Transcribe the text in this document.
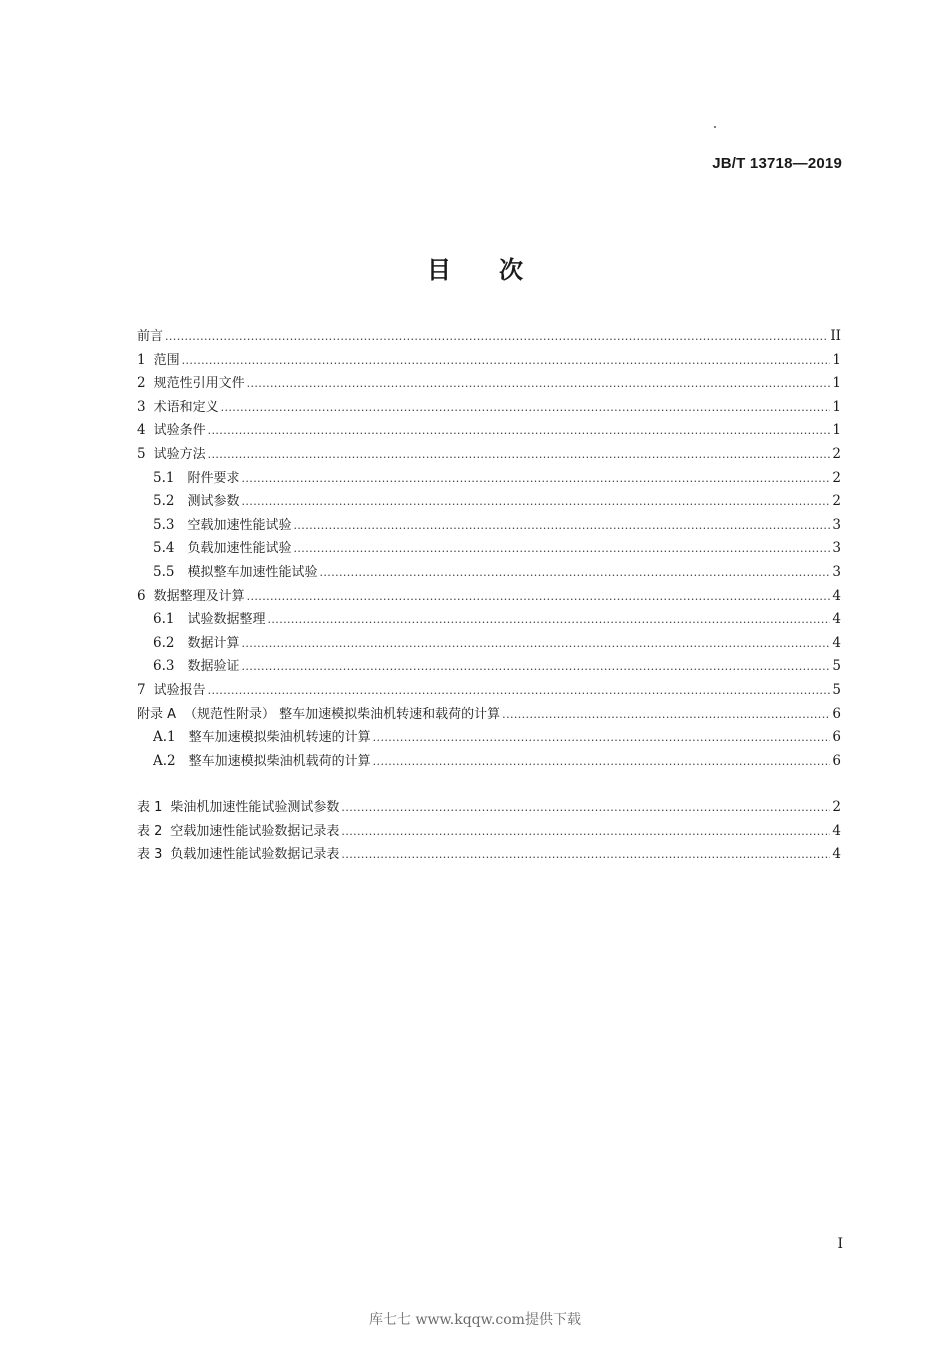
JB/T 13718—2019
目次
前言 .....	II
1 范围 .....	1
2 规范性引用文件 .....	1
3 术语和定义 .....	1
4 试验条件 .....	1
5 试验方法 .....	2
5.1 附件要求 .....	2
5.2 测试参数 .....	2
5.3 空载加速性能试验 .....	3
5.4 负载加速性能试验 .....	3
5.5 模拟整车加速性能试验 .....	3
6 数据整理及计算 .....	4
6.1 试验数据整理 .....	4
6.2 数据计算 .....	4
6.3 数据验证 .....	5
7 试验报告 .....	5
附录 A （规范性附录） 整车加速模拟柴油机转速和载荷的计算 .....	6
A.1 整车加速模拟柴油机转速的计算 .....	6
A.2 整车加速模拟柴油机载荷的计算 .....	6
表 1 柴油机加速性能试验测试参数 .....	2
表 2 空载加速性能试验数据记录表 .....	4
表 3 负载加速性能试验数据记录表 .....	4
I
库七七 www.kqqw.com提供下载
